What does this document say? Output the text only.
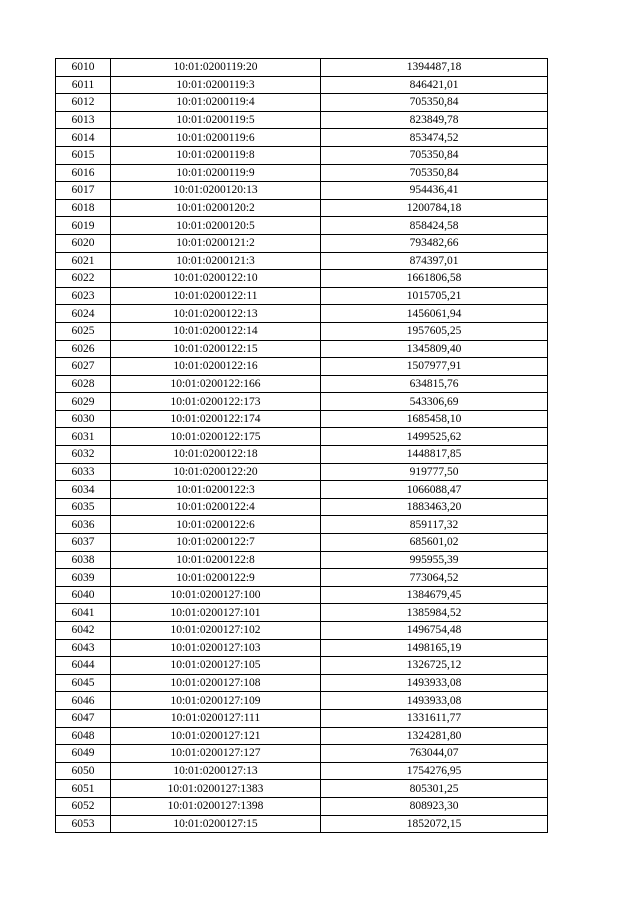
6010	10:01:0200119:20	1394487,18
6011	10:01:0200119:3	846421,01
6012	10:01:0200119:4	705350,84
6013	10:01:0200119:5	823849,78
6014	10:01:0200119:6	853474,52
6015	10:01:0200119:8	705350,84
6016	10:01:0200119:9	705350,84
6017	10:01:0200120:13	954436,41
6018	10:01:0200120:2	1200784,18
6019	10:01:0200120:5	858424,58
6020	10:01:0200121:2	793482,66
6021	10:01:0200121:3	874397,01
6022	10:01:0200122:10	1661806,58
6023	10:01:0200122:11	1015705,21
6024	10:01:0200122:13	1456061,94
6025	10:01:0200122:14	1957605,25
6026	10:01:0200122:15	1345809,40
6027	10:01:0200122:16	1507977,91
6028	10:01:0200122:166	634815,76
6029	10:01:0200122:173	543306,69
6030	10:01:0200122:174	1685458,10
6031	10:01:0200122:175	1499525,62
6032	10:01:0200122:18	1448817,85
6033	10:01:0200122:20	919777,50
6034	10:01:0200122:3	1066088,47
6035	10:01:0200122:4	1883463,20
6036	10:01:0200122:6	859117,32
6037	10:01:0200122:7	685601,02
6038	10:01:0200122:8	995955,39
6039	10:01:0200122:9	773064,52
6040	10:01:0200127:100	1384679,45
6041	10:01:0200127:101	1385984,52
6042	10:01:0200127:102	1496754,48
6043	10:01:0200127:103	1498165,19
6044	10:01:0200127:105	1326725,12
6045	10:01:0200127:108	1493933,08
6046	10:01:0200127:109	1493933,08
6047	10:01:0200127:111	1331611,77
6048	10:01:0200127:121	1324281,80
6049	10:01:0200127:127	763044,07
6050	10:01:0200127:13	1754276,95
6051	10:01:0200127:1383	805301,25
6052	10:01:0200127:1398	808923,30
6053	10:01:0200127:15	1852072,15
